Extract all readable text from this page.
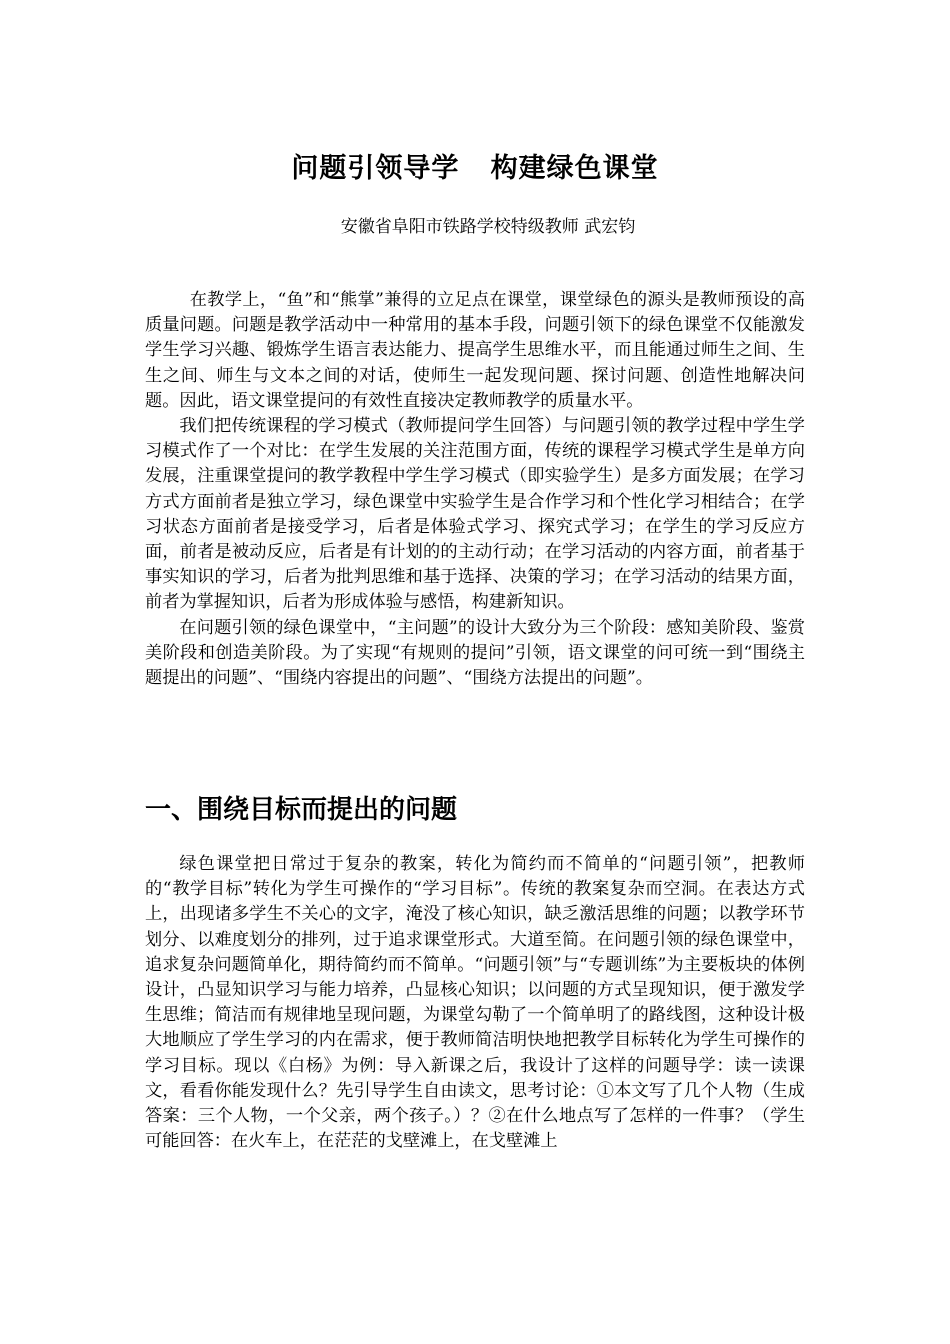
问题引领导学   构建绿色课堂
安徽省阜阳市铁路学校特级教师 武宏钧

在教学上，“鱼”和“熊掌”兼得的立足点在课堂，课堂绿色的源头是教师预设的高质量问题。问题是教学活动中一种常用的基本手段，问题引领下的绿色课堂不仅能激发学生学习兴趣、锻炼学生语言表达能力、提高学生思维水平，而且能通过师生之间、生生之间、师生与文本之间的对话，使师生一起发现问题、探讨问题、创造性地解决问题。因此，语文课堂提问的有效性直接决定教师教学的质量水平。

我们把传统课程的学习模式（教师提问学生回答）与问题引领的教学过程中学生学习模式作了一个对比：在学生发展的关注范围方面，传统的课程学习模式学生是单方向发展，注重课堂提问的教学教程中学生学习模式（即实验学生）是多方面发展；在学习方式方面前者是独立学习，绿色课堂中实验学生是合作学习和个性化学习相结合；在学习状态方面前者是接受学习，后者是体验式学习、探究式学习；在学生的学习反应方面，前者是被动反应，后者是有计划的的主动行动；在学习活动的内容方面，前者基于事实知识的学习，后者为批判思维和基于选择、决策的学习；在学习活动的结果方面，前者为掌握知识，后者为形成体验与感悟，构建新知识。

在问题引领的绿色课堂中，“主问题”的设计大致分为三个阶段：感知美阶段、鉴赏美阶段和创造美阶段。为了实现“有规则的提问”引领，语文课堂的问可统一到“围绕主题提出的问题”、“围绕内容提出的问题”、“围绕方法提出的问题”。

一、围绕目标而提出的问题

绿色课堂把日常过于复杂的教案，转化为简约而不简单的“问题引领”，把教师的“教学目标”转化为学生可操作的“学习目标”。传统的教案复杂而空洞。在表达方式上，出现诸多学生不关心的文字，淹没了核心知识，缺乏激活思维的问题；以教学环节划分、以难度划分的排列，过于追求课堂形式。大道至简。在问题引领的绿色课堂中，追求复杂问题简单化，期待简约而不简单。“问题引领”与“专题训练”为主要板块的体例设计，凸显知识学习与能力培养，凸显核心知识；以问题的方式呈现知识，便于激发学生思维；简洁而有规律地呈现问题，为课堂勾勒了一个简单明了的路线图，这种设计极大地顺应了学生学习的内在需求，便于教师简洁明快地把教学目标转化为学生可操作的学习目标。现以《白杨》为例：导入新课之后，我设计了这样的问题导学：读一读课文，看看你能发现什么？先引导学生自由读文，思考讨论：①本文写了几个人物（生成答案：三个人物，一个父亲，两个孩子。）？②在什么地点写了怎样的一件事？（学生可能回答：在火车上，在茫茫的戈壁滩上，在戈壁滩上
